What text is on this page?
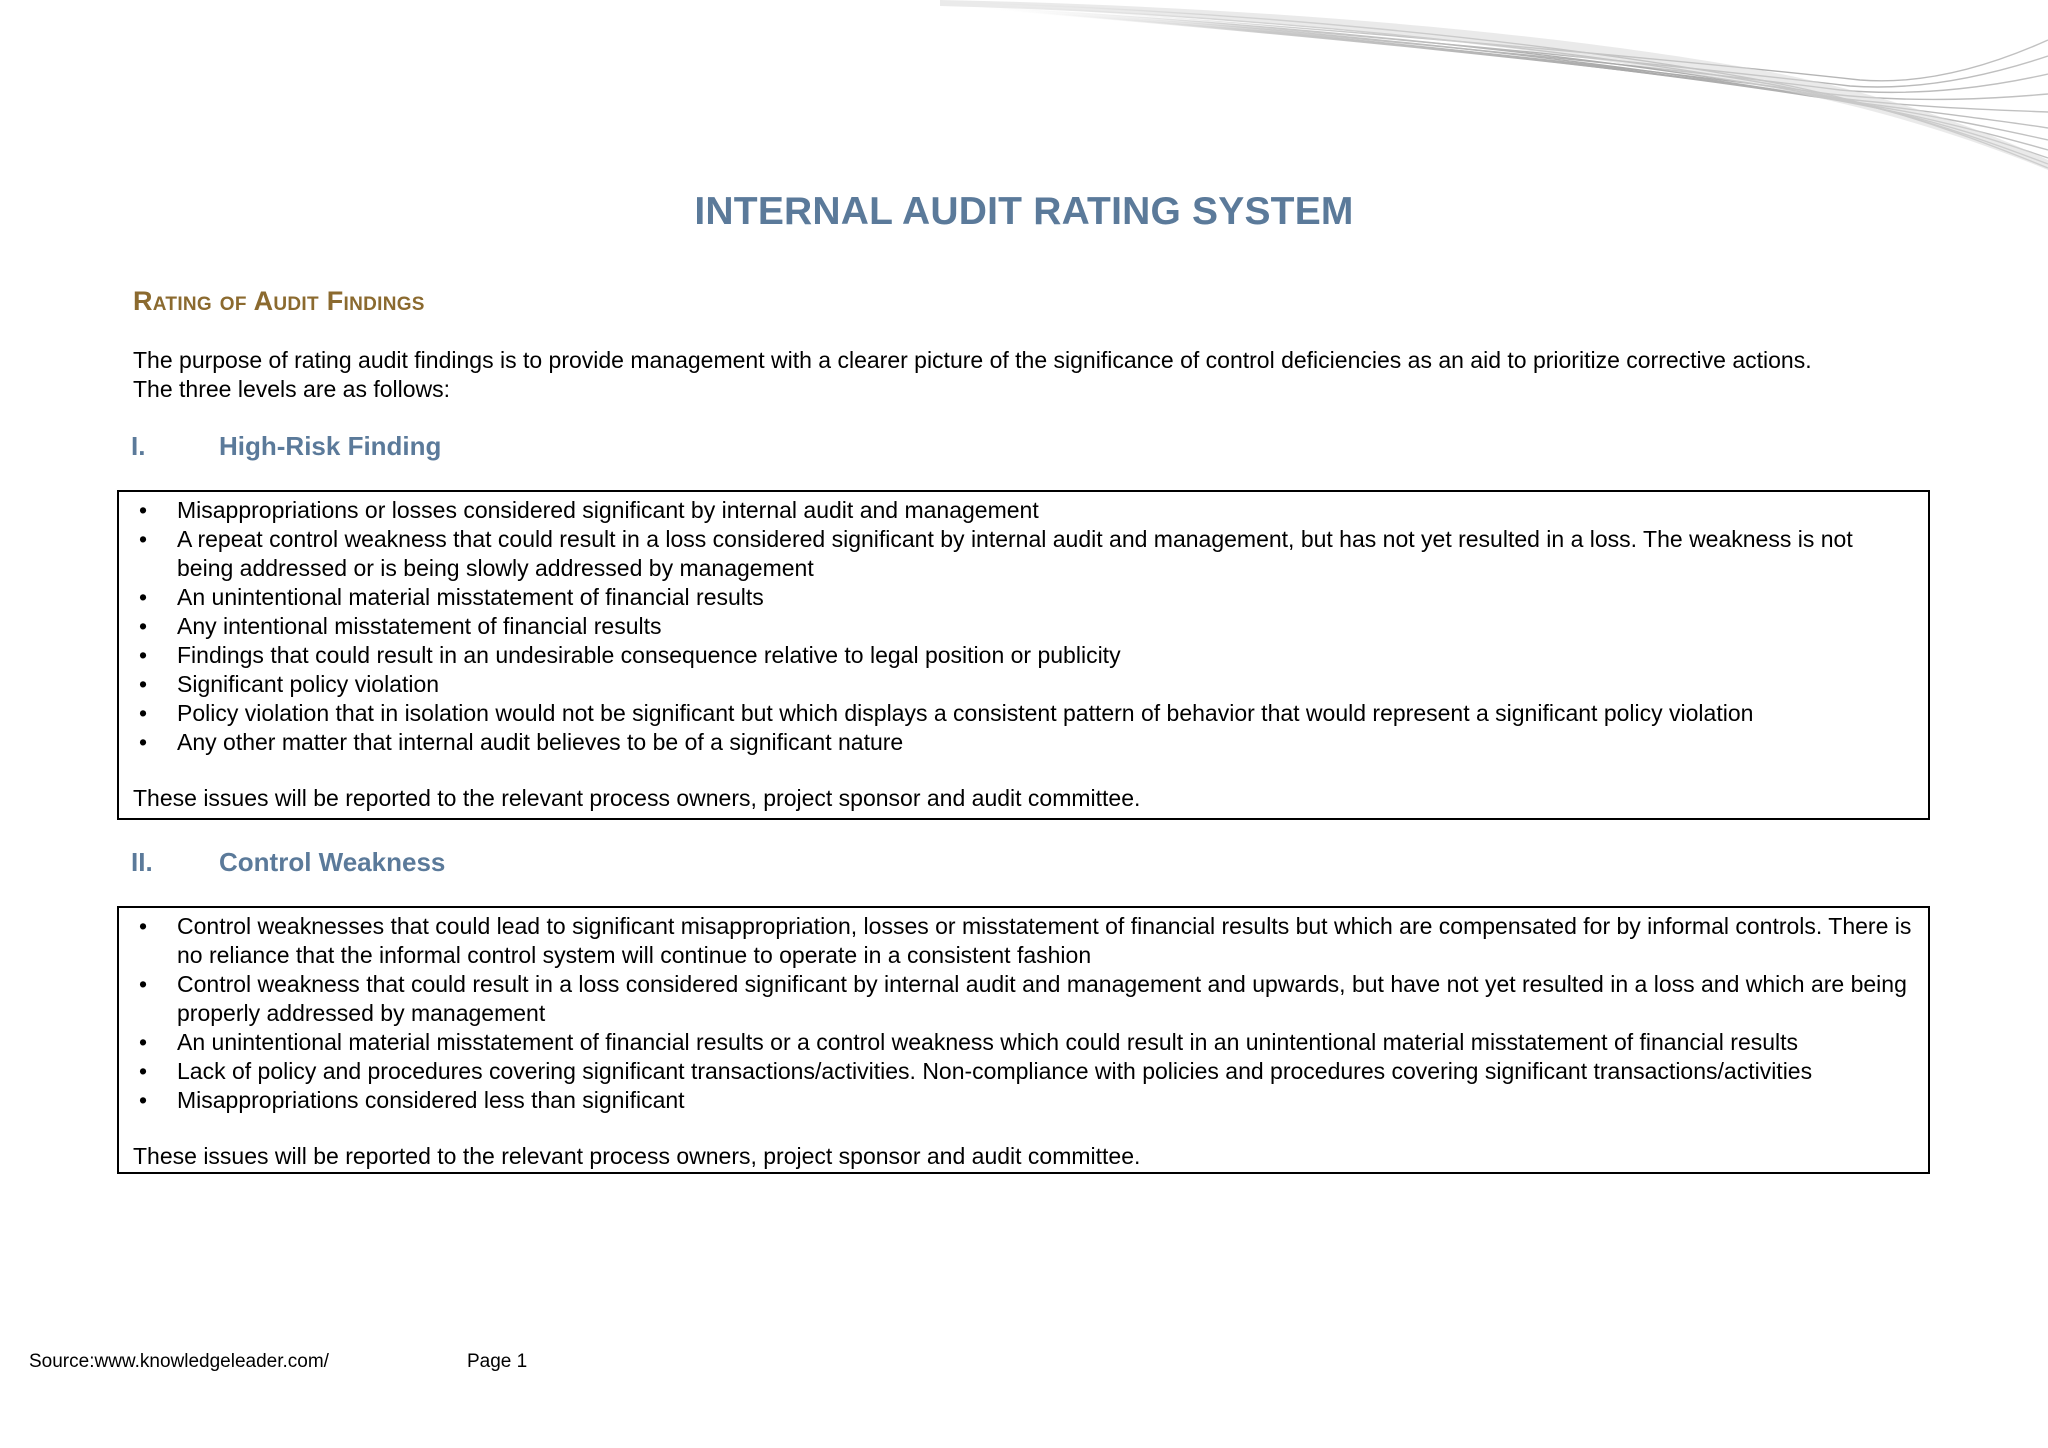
INTERNAL AUDIT RATING SYSTEM
Rating of Audit Findings

The purpose of rating audit findings is to provide management with a clearer picture of the significance of control deficiencies as an aid to prioritize corrective actions.

The three levels are as follows:

I.	High-Risk Finding
• Misappropriations or losses considered significant by internal audit and management
• A repeat control weakness that could result in a loss considered significant by internal audit and management, but has not yet resulted in a loss. The weakness is not being addressed or is being slowly addressed by management
• An unintentional material misstatement of financial results
• Any intentional misstatement of financial results
• Findings that could result in an undesirable consequence relative to legal position or publicity
• Significant policy violation
• Policy violation that in isolation would not be significant but which displays a consistent pattern of behavior that would represent a significant policy violation
• Any other matter that internal audit believes to be of a significant nature

These issues will be reported to the relevant process owners, project sponsor and audit committee.

II.	Control Weakness
• Control weaknesses that could lead to significant misappropriation, losses or misstatement of financial results but which are compensated for by informal controls. There is no reliance that the informal control system will continue to operate in a consistent fashion
• Control weakness that could result in a loss considered significant by internal audit and management and upwards, but have not yet resulted in a loss and which are being properly addressed by management
• An unintentional material misstatement of financial results or a control weakness which could result in an unintentional material misstatement of financial results
• Lack of policy and procedures covering significant transactions/activities. Non-compliance with policies and procedures covering significant transactions/activities
• Misappropriations considered less than significant

These issues will be reported to the relevant process owners, project sponsor and audit committee.

Source:www.knowledgeleader.com/	Page 1
